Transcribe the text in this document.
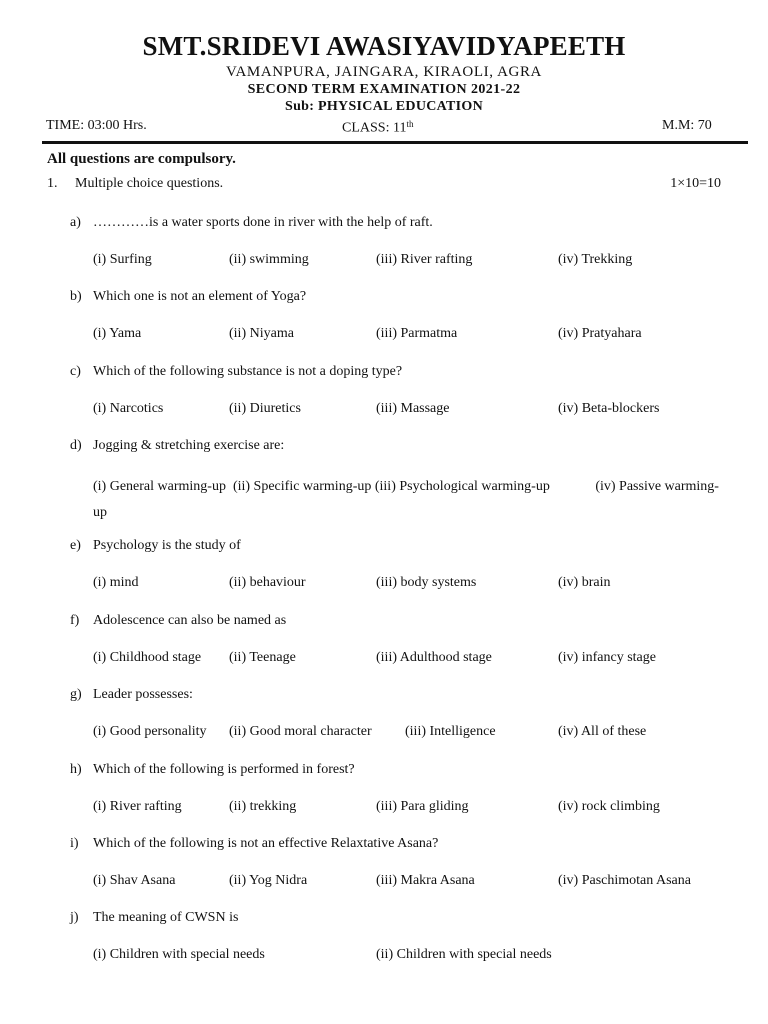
SMT.SRIDEVI AWASIYAVIDYAPEETH
VAMANPURA, JAINGARA, KIRAOLI, AGRA
SECOND TERM EXAMINATION 2021-22
Sub: PHYSICAL EDUCATION
TIME: 03:00 Hrs.	CLASS: 11th	M.M: 70
All questions are compulsory.
1. Multiple choice questions.	1×10=10
a) …………is a water sports done in river with the help of raft.
(i) Surfing	(ii) swimming	(iii) River rafting	(iv) Trekking
b) Which one is not an element of Yoga?
(i) Yama	(ii) Niyama	(iii) Parmatma	(iv) Pratyahara
c) Which of the following substance is not a doping type?
(i) Narcotics	(ii) Diuretics	(iii) Massage	(iv) Beta-blockers
d) Jogging & stretching exercise are:
(i) General warming-up (ii) Specific warming-up (iii) Psychological warming-up	(iv) Passive warming-up
e) Psychology is the study of
(i) mind	(ii) behaviour	(iii) body systems	(iv) brain
f) Adolescence can also be named as
(i) Childhood stage (ii) Teenage	(iii) Adulthood stage	(iv) infancy stage
g) Leader possesses:
(i) Good personality (ii) Good moral character (iii) Intelligence	(iv) All of these
h) Which of the following is performed in forest?
(i) River rafting	(ii) trekking	(iii) Para gliding	(iv) rock climbing
i) Which of the following is not an effective Relaxtative Asana?
(i) Shav Asana	(ii) Yog Nidra	(iii) Makra Asana	(iv) Paschimotan Asana
j) The meaning of CWSN is
(i) Children with special needs	(ii) Children with special needs
